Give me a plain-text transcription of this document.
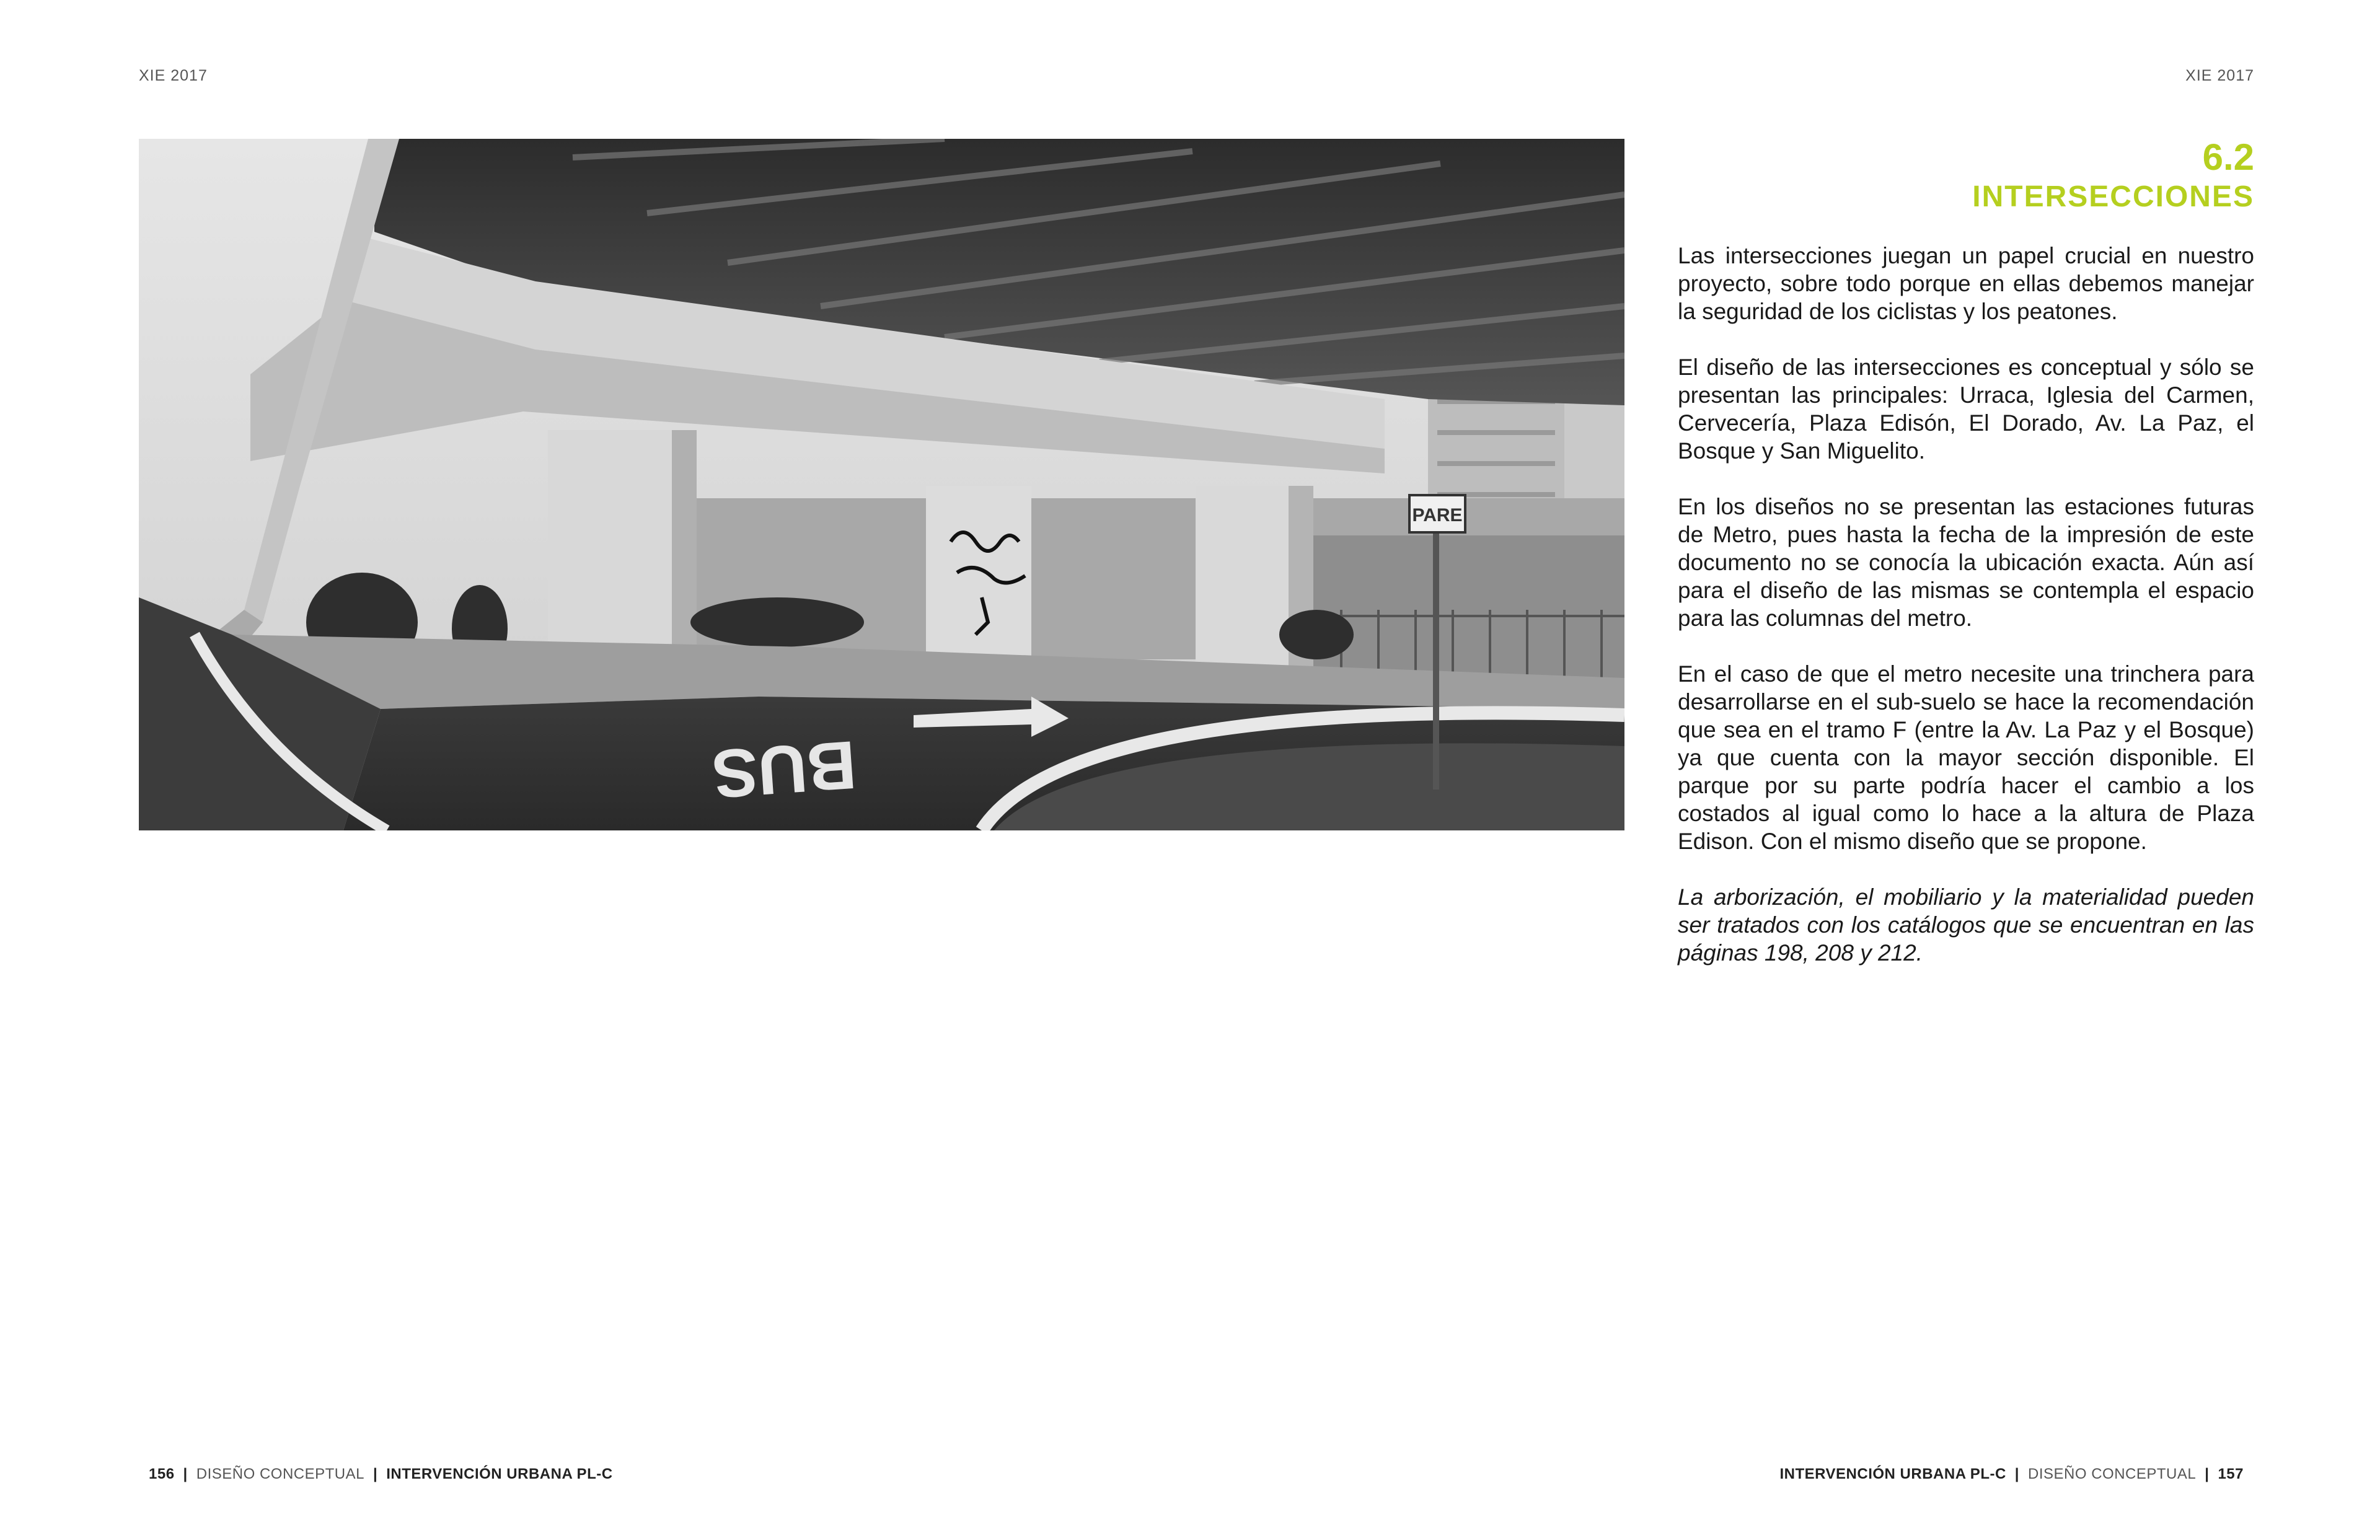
XIE 2017	XIE 2017
BUS
PARE
6.2
INTERSECCIONES

Las intersecciones juegan un papel crucial en nuestro proyecto, sobre todo porque en ellas debemos manejar la seguridad de los ciclistas y los peatones.

El diseño de las intersecciones es conceptual y sólo se presentan las principales: Urraca, Iglesia del Carmen, Cervecería, Plaza Edisón, El Dorado, Av. La Paz, el Bosque y San Miguelito.

En los diseños no se presentan las estaciones futuras de Metro, pues hasta la fecha de la impresión de este documento no se conocía la ubicación exacta. Aún así para el diseño de las mismas se contempla el espacio para las columnas del metro.

En el caso de que el metro necesite una trinchera para desarrollarse en el sub-suelo se hace la recomendación que sea en el tramo F (entre la Av. La Paz y el Bosque) ya que cuenta con la mayor sección disponible. El parque por su parte podría hacer el cambio a los costados al igual como lo hace a la altura de Plaza Edison. Con el mismo diseño que se propone.

La arborización, el mobiliario y la materialidad pueden ser tratados con los catálogos que se encuentran en las páginas 198, 208 y 212.

156 | DISEÑO CONCEPTUAL | INTERVENCIÓN URBANA PL-C	INTERVENCIÓN URBANA PL-C | DISEÑO CONCEPTUAL | 157
